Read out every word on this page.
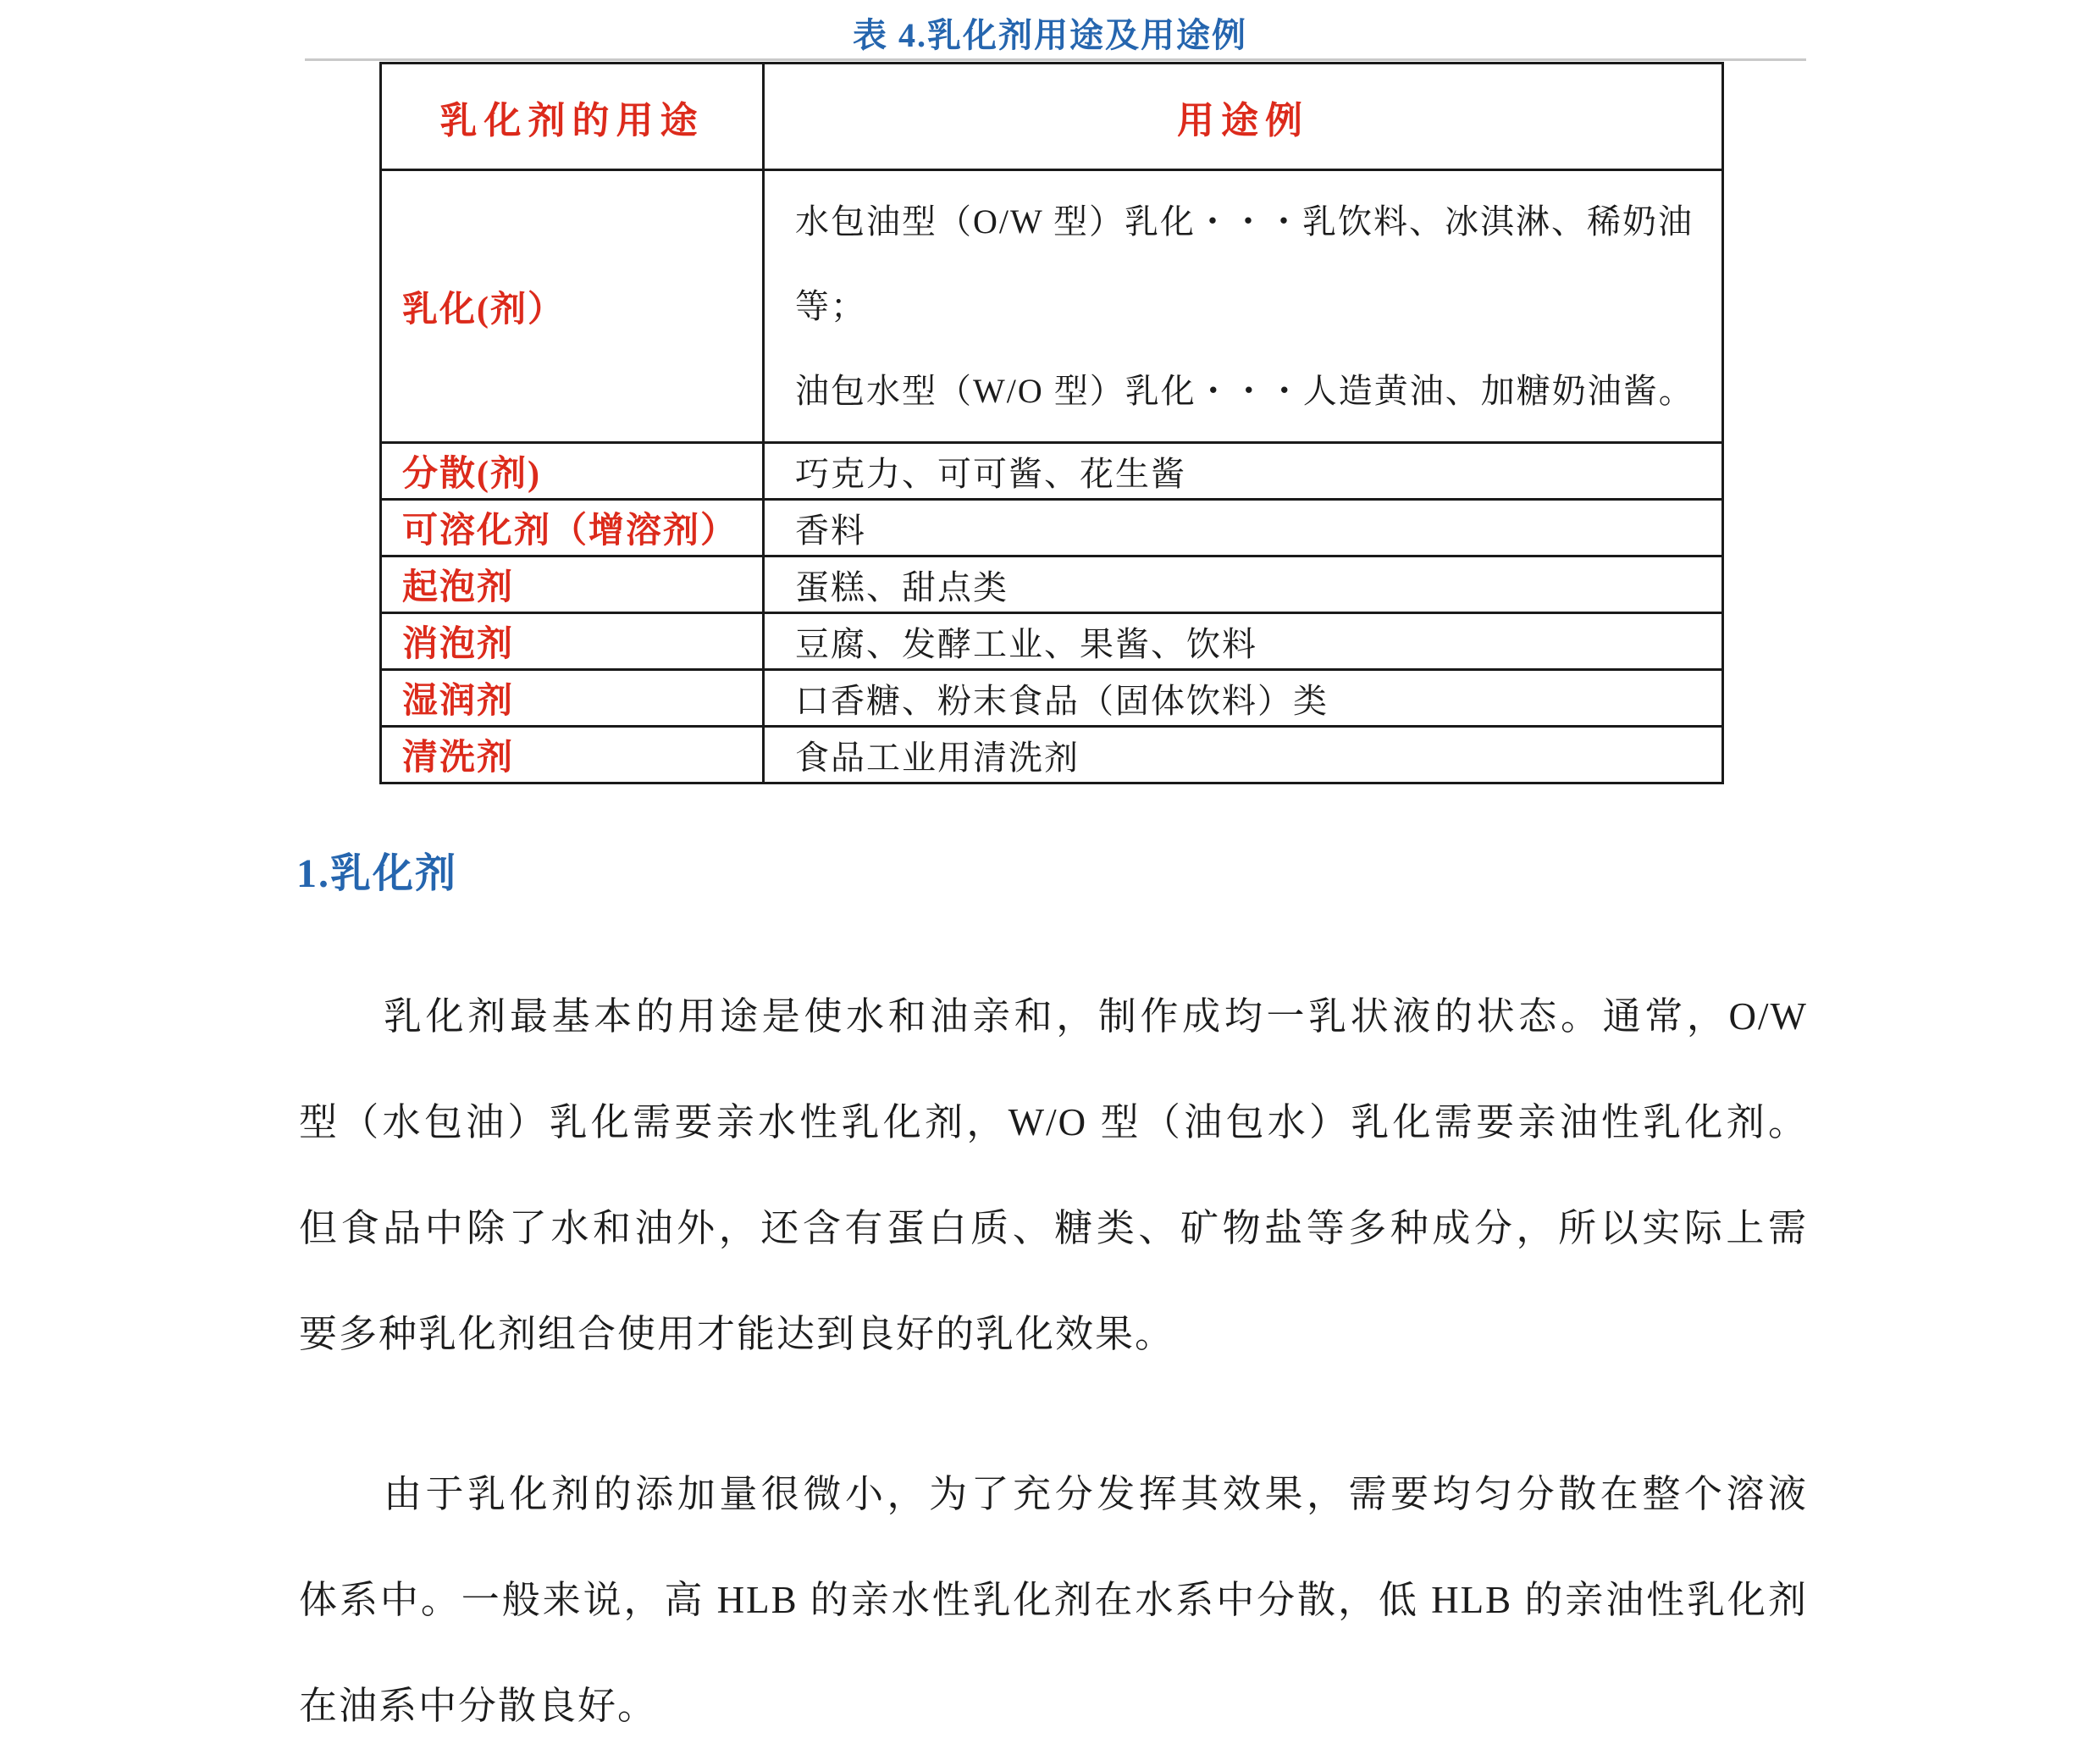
表 4.乳化剂用途及用途例
乳化剂的用途	用途例
乳化(剂）	水包油型（O/W 型）乳化・・・乳饮料、冰淇淋、稀奶油
等；
油包水型（W/O 型）乳化・・・人造黄油、加糖奶油酱。

分散(剂)	巧克力、可可酱、花生酱
可溶化剂（增溶剂）	香料
起泡剂	蛋糕、甜点类
消泡剂	豆腐、发酵工业、果酱、饮料
湿润剂	口香糖、粉末食品（固体饮料）类
清洗剂	食品工业用清洗剂
1.乳化剂
乳化剂最基本的用途是使水和油亲和，制作成均一乳状液的状态。通常，O/W
型（水包油）乳化需要亲水性乳化剂，W/O 型（油包水）乳化需要亲油性乳化剂。
但食品中除了水和油外，还含有蛋白质、糖类、矿物盐等多种成分，所以实际上需
要多种乳化剂组合使用才能达到良好的乳化效果。
由于乳化剂的添加量很微小，为了充分发挥其效果，需要均匀分散在整个溶液
体系中。一般来说，高 HLB 的亲水性乳化剂在水系中分散，低 HLB 的亲油性乳化剂
在油系中分散良好。
